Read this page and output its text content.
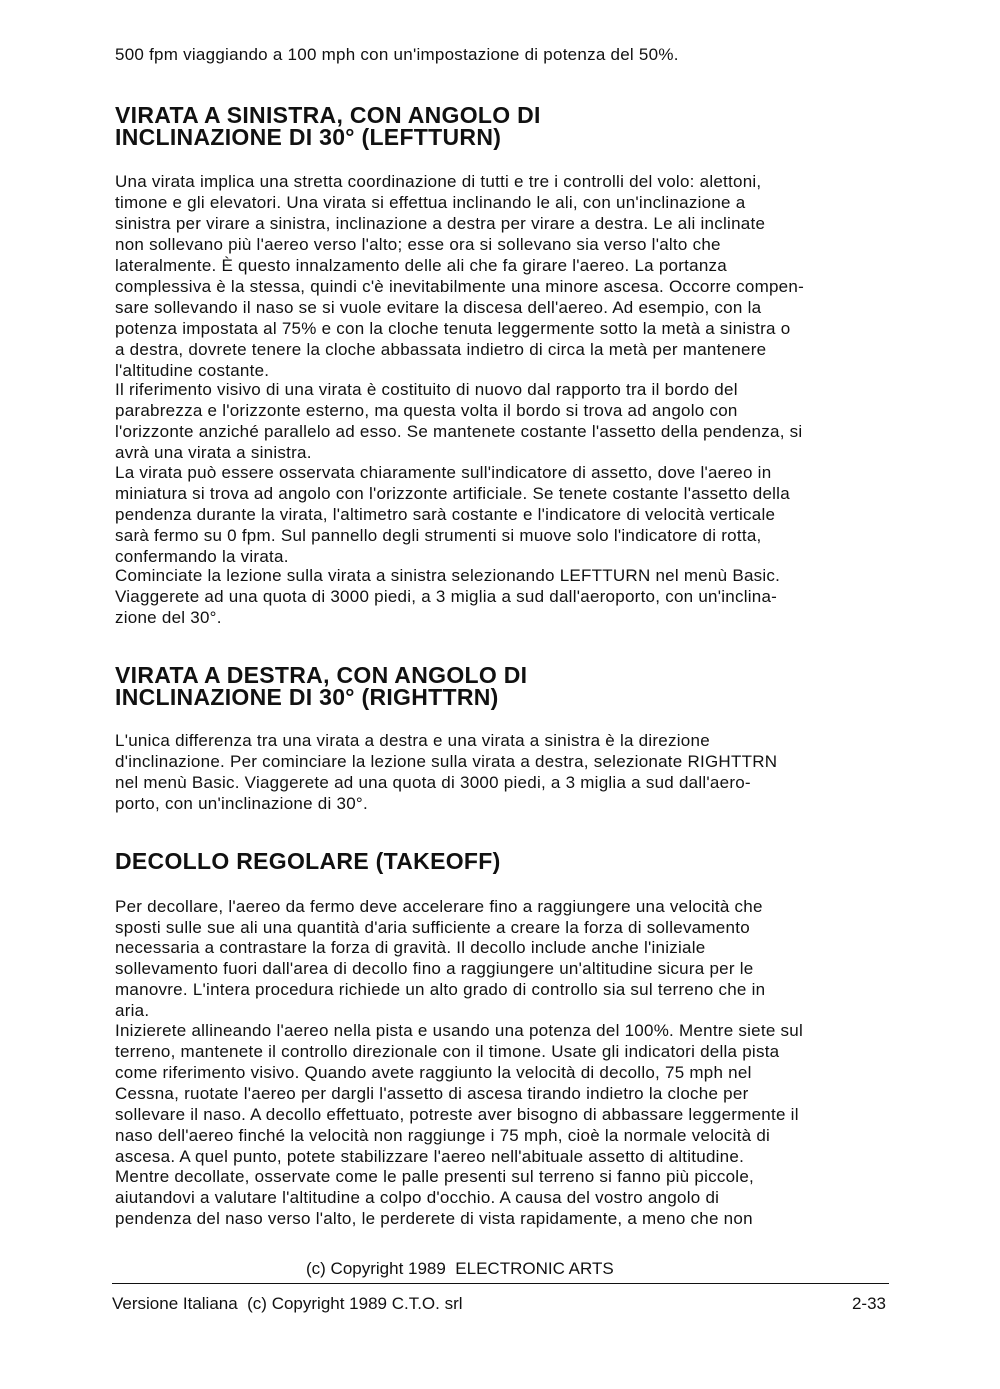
500 fpm viaggiando a 100 mph con un'impostazione di potenza del 50%.

VIRATA A SINISTRA, CON ANGOLO DI
INCLINAZIONE DI 30° (LEFTTURN)

Una virata implica una stretta coordinazione di tutti e tre i controlli del volo: alettoni,

timone e gli elevatori. Una virata si effettua inclinando le ali, con un'inclinazione a

sinistra per virare a sinistra, inclinazione a destra per virare a destra. Le ali inclinate

non sollevano più l'aereo verso l'alto; esse ora si sollevano sia verso l'alto che

lateralmente. È questo innalzamento delle ali che fa girare l'aereo. La portanza

complessiva è la stessa, quindi c'è inevitabilmente una minore ascesa. Occorre compen-

sare sollevando il naso se si vuole evitare la discesa dell'aereo. Ad esempio, con la

potenza impostata al 75% e con la cloche tenuta leggermente sotto la metà a sinistra o

a destra, dovrete tenere la cloche abbassata indietro di circa la metà per mantenere

l'altitudine costante.

Il riferimento visivo di una virata è costituito di nuovo dal rapporto tra il bordo del

parabrezza e l'orizzonte esterno, ma questa volta il bordo si trova ad angolo con

l'orizzonte anziché parallelo ad esso. Se mantenete costante l'assetto della pendenza, si

avrà una virata a sinistra.

La virata può essere osservata chiaramente sull'indicatore di assetto, dove l'aereo in

miniatura si trova ad angolo con l'orizzonte artificiale. Se tenete costante l'assetto della

pendenza durante la virata, l'altimetro sarà costante e l'indicatore di velocità verticale

sarà fermo su 0 fpm. Sul pannello degli strumenti si muove solo l'indicatore di rotta,

confermando la virata.

Cominciate la lezione sulla virata a sinistra selezionando LEFTTURN nel menù Basic.

Viaggerete ad una quota di 3000 piedi, a 3 miglia a sud dall'aeroporto, con un'inclina-

zione del 30°.

VIRATA A DESTRA, CON ANGOLO DI
INCLINAZIONE DI 30° (RIGHTTRN)

L'unica differenza tra una virata a destra e una virata a sinistra è la direzione

d'inclinazione. Per cominciare la lezione sulla virata a destra, selezionate RIGHTTRN

nel menù Basic. Viaggerete ad una quota di 3000 piedi, a 3 miglia a sud dall'aero-

porto, con un'inclinazione di 30°.

DECOLLO REGOLARE (TAKEOFF)

Per decollare, l'aereo da fermo deve accelerare fino a raggiungere una velocità che

sposti sulle sue ali una quantità d'aria sufficiente a creare la forza di sollevamento

necessaria a contrastare la forza di gravità. Il decollo include anche l'iniziale

sollevamento fuori dall'area di decollo fino a raggiungere un'altitudine sicura per le

manovre. L'intera procedura richiede un alto grado di controllo sia sul terreno che in

aria.

Inizierete allineando l'aereo nella pista e usando una potenza del 100%. Mentre siete sul

terreno, mantenete il controllo direzionale con il timone. Usate gli indicatori della pista

come riferimento visivo. Quando avete raggiunto la velocità di decollo, 75 mph nel

Cessna, ruotate l'aereo per dargli l'assetto di ascesa tirando indietro la cloche per

sollevare il naso. A decollo effettuato, potreste aver bisogno di abbassare leggermente il

naso dell'aereo finché la velocità non raggiunge i 75 mph, cioè la normale velocità di

ascesa. A quel punto, potete stabilizzare l'aereo nell'abituale assetto di altitudine.

Mentre decollate, osservate come le palle presenti sul terreno si fanno più piccole,

aiutandovi a valutare l'altitudine a colpo d'occhio. A causa del vostro angolo di

pendenza del naso verso l'alto, le perderete di vista rapidamente, a meno che non

(c) Copyright 1989  ELECTRONIC ARTS

Versione Italiana  (c) Copyright 1989 C.T.O. srl	2-33
